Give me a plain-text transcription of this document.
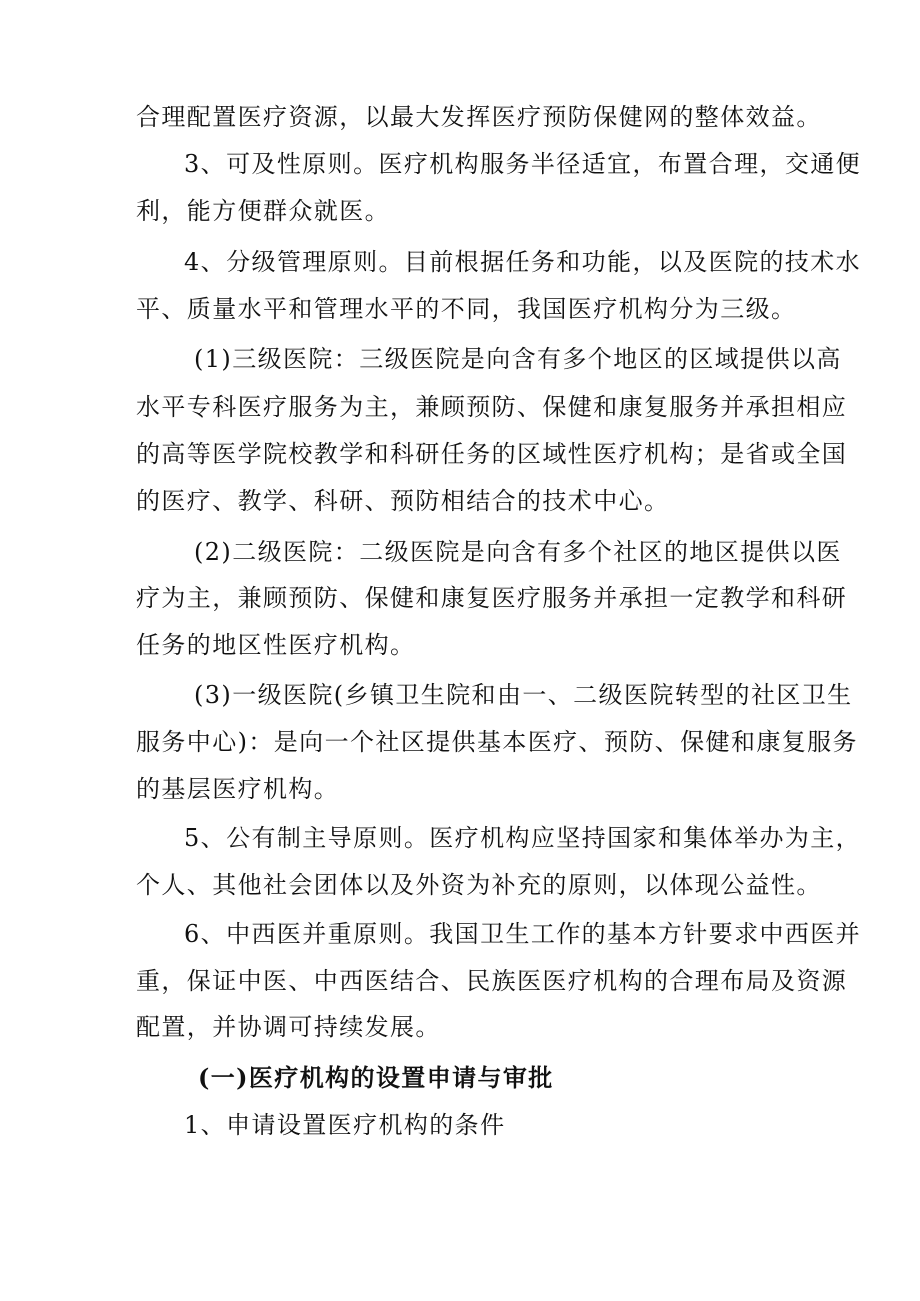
合理配置医疗资源，以最大发挥医疗预防保健网的整体效益。
3、可及性原则。医疗机构服务半径适宜，布置合理，交通便
利，能方便群众就医。
4、分级管理原则。目前根据任务和功能，以及医院的技术水
平、质量水平和管理水平的不同，我国医疗机构分为三级。
(1)三级医院：三级医院是向含有多个地区的区域提供以高
水平专科医疗服务为主，兼顾预防、保健和康复服务并承担相应
的高等医学院校教学和科研任务的区域性医疗机构；是省或全国
的医疗、教学、科研、预防相结合的技术中心。
(2)二级医院：二级医院是向含有多个社区的地区提供以医
疗为主，兼顾预防、保健和康复医疗服务并承担一定教学和科研
任务的地区性医疗机构。
(3)一级医院(乡镇卫生院和由一、二级医院转型的社区卫生
服务中心)：是向一个社区提供基本医疗、预防、保健和康复服务
的基层医疗机构。
5、公有制主导原则。医疗机构应坚持国家和集体举办为主，
个人、其他社会团体以及外资为补充的原则，以体现公益性。
6、中西医并重原则。我国卫生工作的基本方针要求中西医并
重，保证中医、中西医结合、民族医医疗机构的合理布局及资源
配置，并协调可持续发展。
(一)医疗机构的设置申请与审批
1、申请设置医疗机构的条件
